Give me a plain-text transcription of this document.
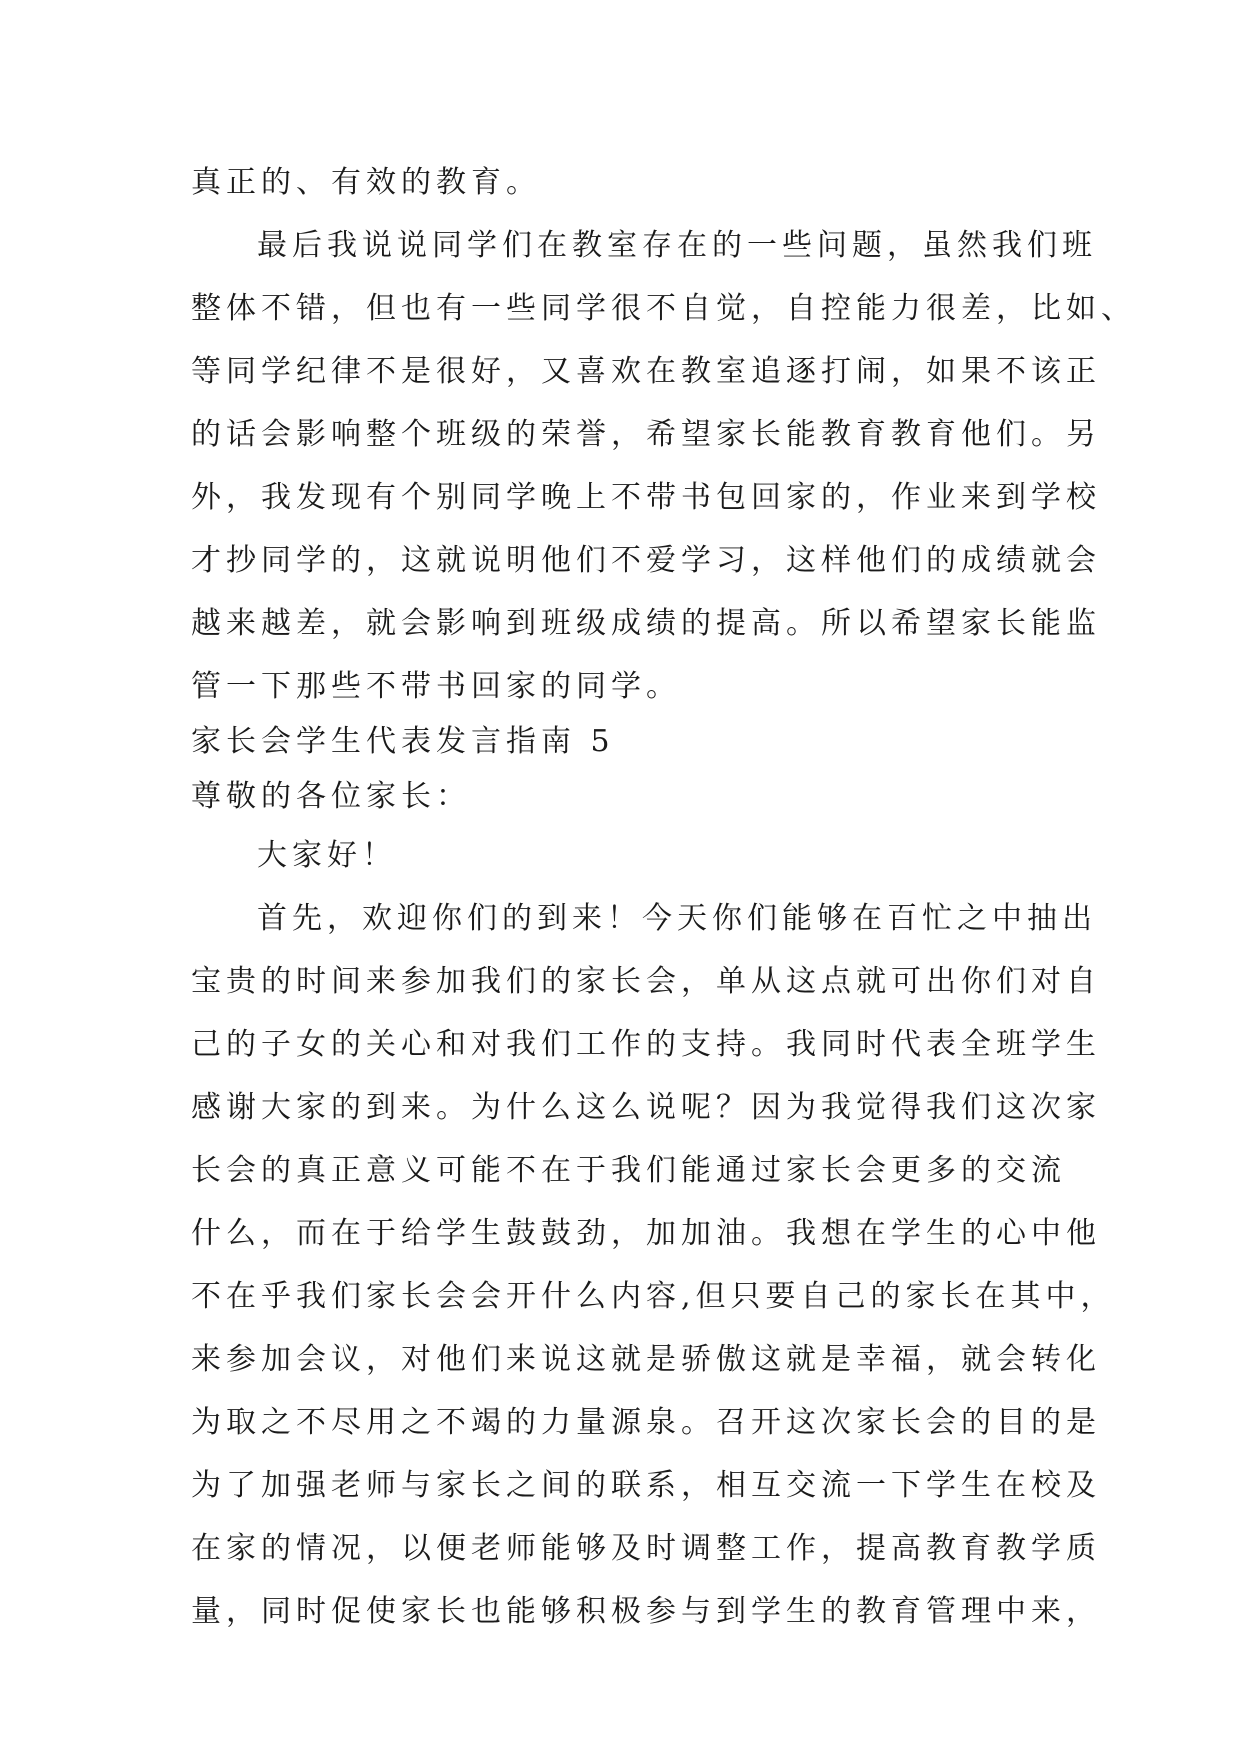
真正的、有效的教育。
最后我说说同学们在教室存在的一些问题，虽然我们班
整体不错，但也有一些同学很不自觉，自控能力很差，比如、
等同学纪律不是很好，又喜欢在教室追逐打闹，如果不该正
的话会影响整个班级的荣誉，希望家长能教育教育他们。另
外，我发现有个别同学晚上不带书包回家的，作业来到学校
才抄同学的，这就说明他们不爱学习，这样他们的成绩就会
越来越差，就会影响到班级成绩的提高。所以希望家长能监
管一下那些不带书回家的同学。
家长会学生代表发言指南 5
尊敬的各位家长：
大家好！
首先，欢迎你们的到来！今天你们能够在百忙之中抽出
宝贵的时间来参加我们的家长会，单从这点就可出你们对自
己的子女的关心和对我们工作的支持。我同时代表全班学生
感谢大家的到来。为什么这么说呢？因为我觉得我们这次家
长会的真正意义可能不在于我们能通过家长会更多的交流
什么，而在于给学生鼓鼓劲，加加油。我想在学生的心中他
不在乎我们家长会会开什么内容,但只要自己的家长在其中，
来参加会议，对他们来说这就是骄傲这就是幸福，就会转化
为取之不尽用之不竭的力量源泉。召开这次家长会的目的是
为了加强老师与家长之间的联系，相互交流一下学生在校及
在家的情况，以便老师能够及时调整工作，提高教育教学质
量，同时促使家长也能够积极参与到学生的教育管理中来，
